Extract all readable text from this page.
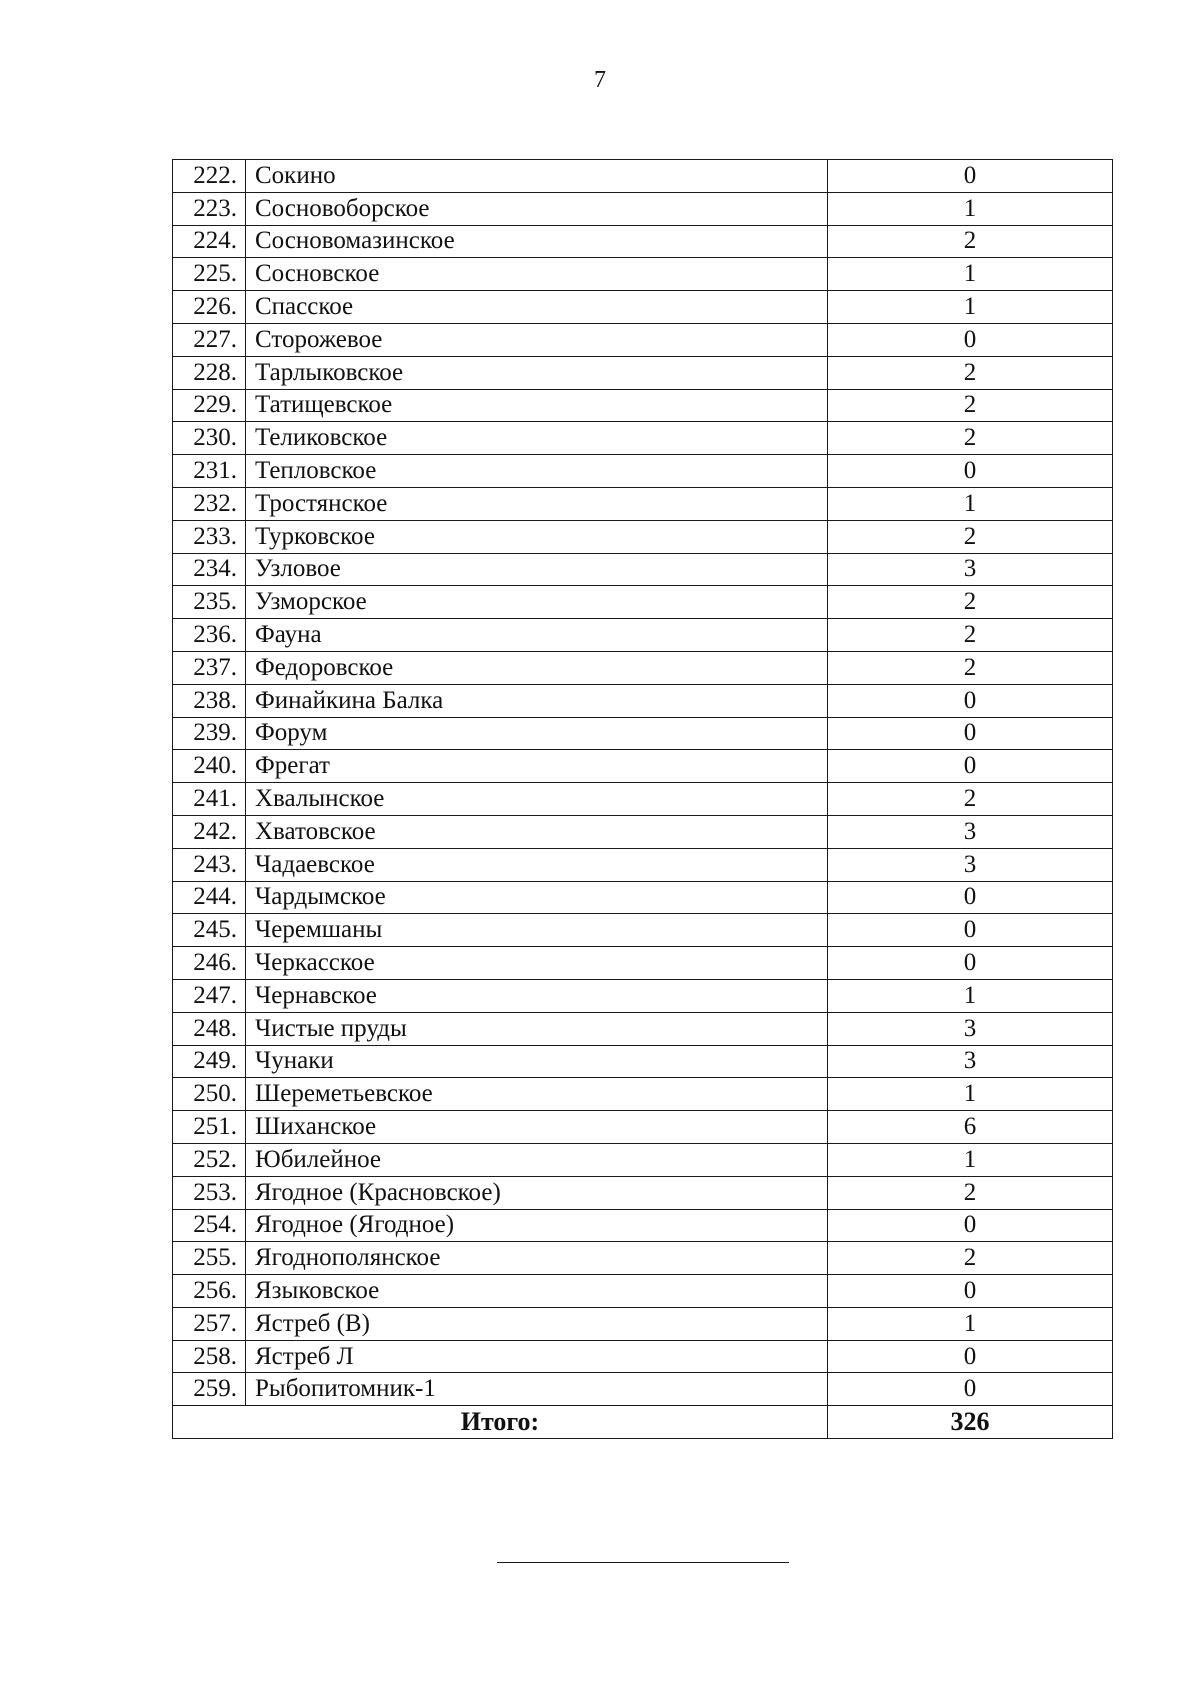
7
222.	Сокино	0
223.	Сосновоборское	1
224.	Сосновомазинское	2
225.	Сосновское	1
226.	Спасское	1
227.	Сторожевое	0
228.	Тарлыковское	2
229.	Татищевское	2
230.	Теликовское	2
231.	Тепловское	0
232.	Тростянское	1
233.	Турковское	2
234.	Узловое	3
235.	Узморское	2
236.	Фауна	2
237.	Федоровское	2
238.	Финайкина Балка	0
239.	Форум	0
240.	Фрегат	0
241.	Хвалынское	2
242.	Хватовское	3
243.	Чадаевское	3
244.	Чардымское	0
245.	Черемшаны	0
246.	Черкасское	0
247.	Чернавское	1
248.	Чистые пруды	3
249.	Чунаки	3
250.	Шереметьевское	1
251.	Шиханское	6
252.	Юбилейное	1
253.	Ягодное (Красновское)	2
254.	Ягодное (Ягодное)	0
255.	Ягоднополянское	2
256.	Языковское	0
257.	Ястреб (В)	1
258.	Ястреб Л	0
259.	Рыбопитомник-1	0
Итого:		326
